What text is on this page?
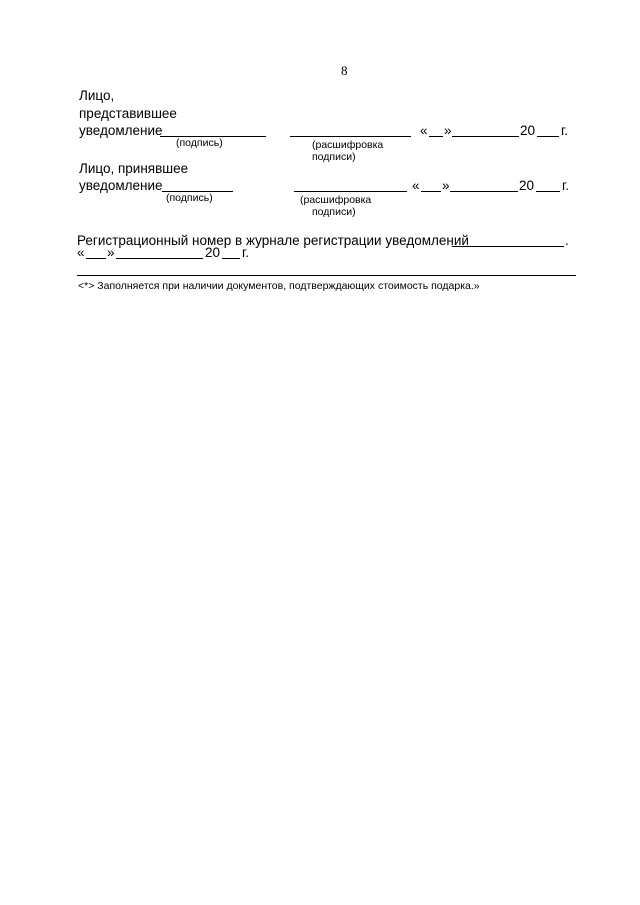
8
Лицо,
представившее
уведомление
(подпись)	(расшифровка
подписи)
« »	20 г.
Лицо, принявшее
уведомление
(подпись)	(расшифровка
подписи)
« »	20 г.
Регистрационный номер в журнале регистрации уведомлений	.
« »	20 г.
<*> Заполняется при наличии документов, подтверждающих стоимость подарка.»
